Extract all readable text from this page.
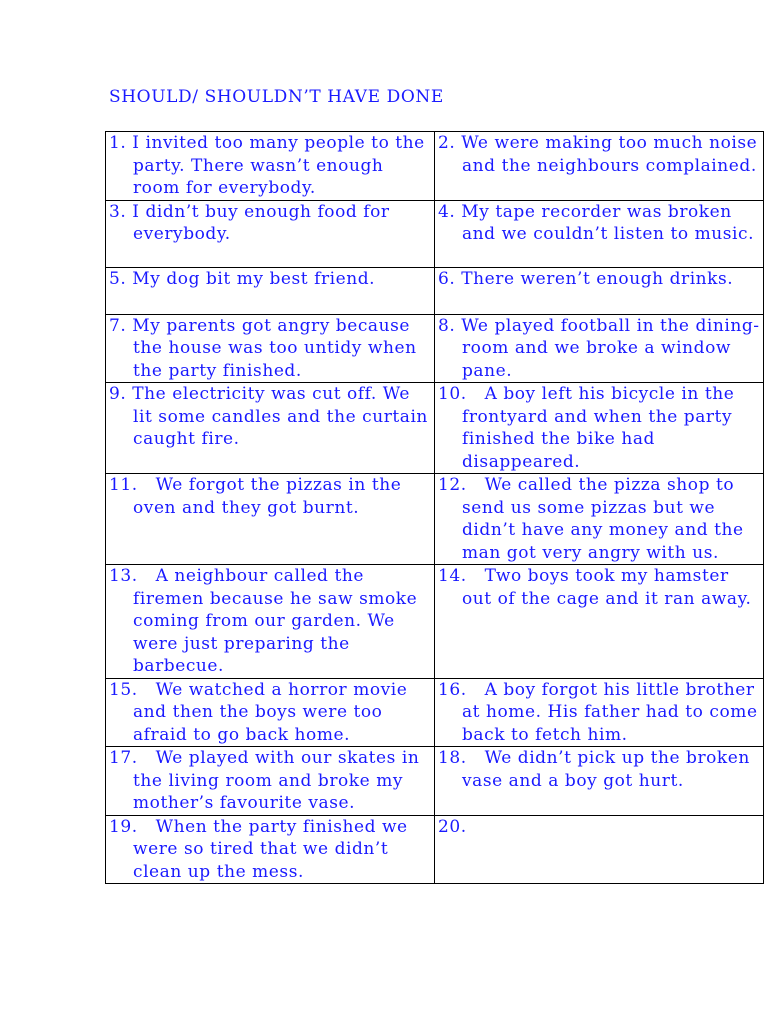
SHOULD/ SHOULDN’T HAVE DONE
1. I invited too many people to the party. There wasn’t enough room for everybody.	2. We were making too much noise and the neighbours complained.

3. I didn’t buy enough food for everybody.	4. My tape recorder was broken and we couldn’t listen to music.

5. My dog bit my best friend.	6. There weren’t enough drinks.

7. My parents got angry because the house was too untidy when the party finished.	8. We played football in the dining-room and we broke a window pane.

9. The electricity was cut off. We lit some candles and the curtain caught fire.	10.   A boy left his bicycle in the frontyard and when the party finished the bike had disappeared.

11.   We forgot the pizzas in the oven and they got burnt.	12.   We called the pizza shop to send us some pizzas but we didn’t have any money and the man got very angry with us.

13.   A neighbour called the firemen because he saw smoke coming from our garden. We were just preparing the barbecue.	14.   Two boys took my hamster out of the cage and it ran away.

15.   We watched a horror movie and then the boys were too afraid to go back home.	16.   A boy forgot his little brother at home. His father had to come back to fetch him.

17.   We played with our skates in the living room and broke my mother’s favourite vase.	18.   We didn’t pick up the broken vase and a boy got hurt.

19.   When the party finished we were so tired that we didn’t clean up the mess.	20.
